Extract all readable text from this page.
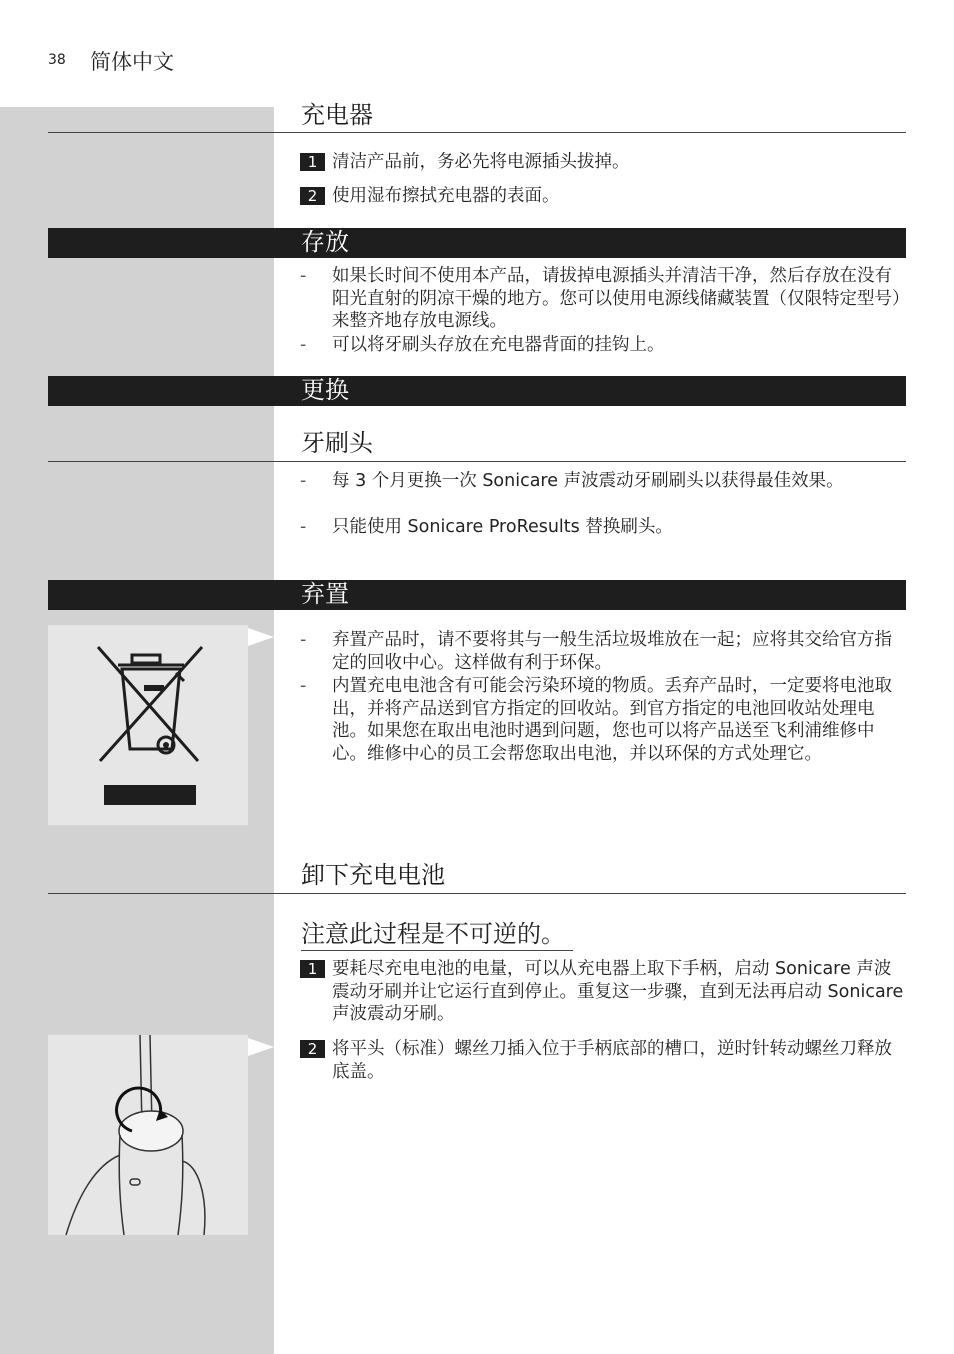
38 简体中文
充电器
1 清洁产品前，务必先将电源插头拔掉。
2 使用湿布擦拭充电器的表面。
存放
- 如果长时间不使用本产品，请拔掉电源插头并清洁干净，然后存放在没有阳光直射的阴凉干燥的地方。您可以使用电源线储藏装置（仅限特定型号）来整齐地存放电源线。
- 可以将牙刷头存放在充电器背面的挂钩上。
更换
牙刷头
- 每 3 个月更换一次 Sonicare 声波震动牙刷刷头以获得最佳效果。
- 只能使用 Sonicare ProResults 替换刷头。
弃置
- 弃置产品时，请不要将其与一般生活垃圾堆放在一起；应将其交给官方指定的回收中心。这样做有利于环保。
- 内置充电电池含有可能会污染环境的物质。丢弃产品时，一定要将电池取出，并将产品送到官方指定的回收站。到官方指定的电池回收站处理电池。如果您在取出电池时遇到问题，您也可以将产品送至飞利浦维修中心。维修中心的员工会帮您取出电池，并以环保的方式处理它。
卸下充电电池
注意此过程是不可逆的。
1 要耗尽充电电池的电量，可以从充电器上取下手柄，启动 Sonicare 声波震动牙刷并让它运行直到停止。重复这一步骤，直到无法再启动 Sonicare 声波震动牙刷。
2 将平头（标准）螺丝刀插入位于手柄底部的槽口，逆时针转动螺丝刀释放底盖。
